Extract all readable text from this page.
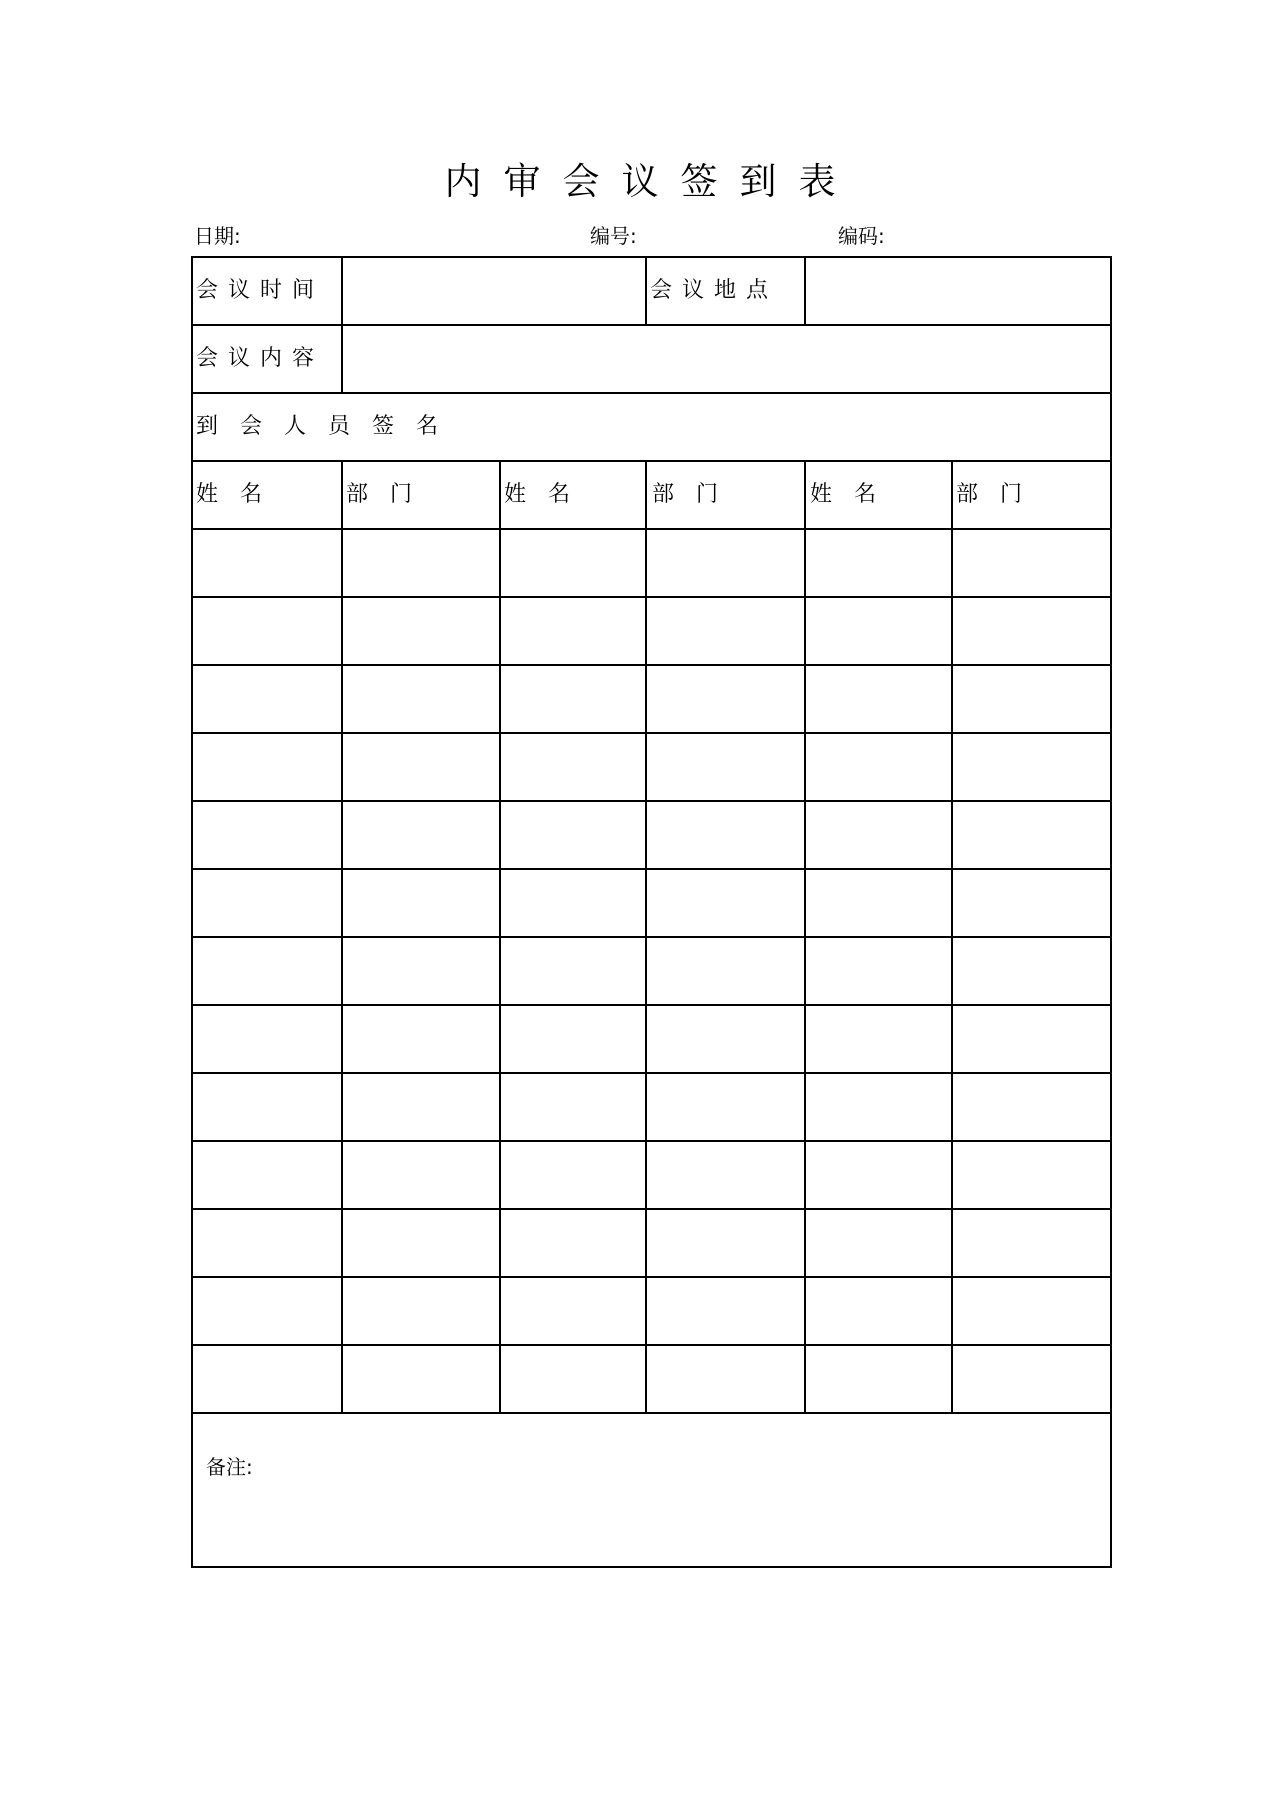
内审会议签到表
日期:	编号:	编码:
会议时间	会议地点
会议内容
到会人员签名
姓　名	部　门	姓　名	部　门	姓　名	部　门
备注:
